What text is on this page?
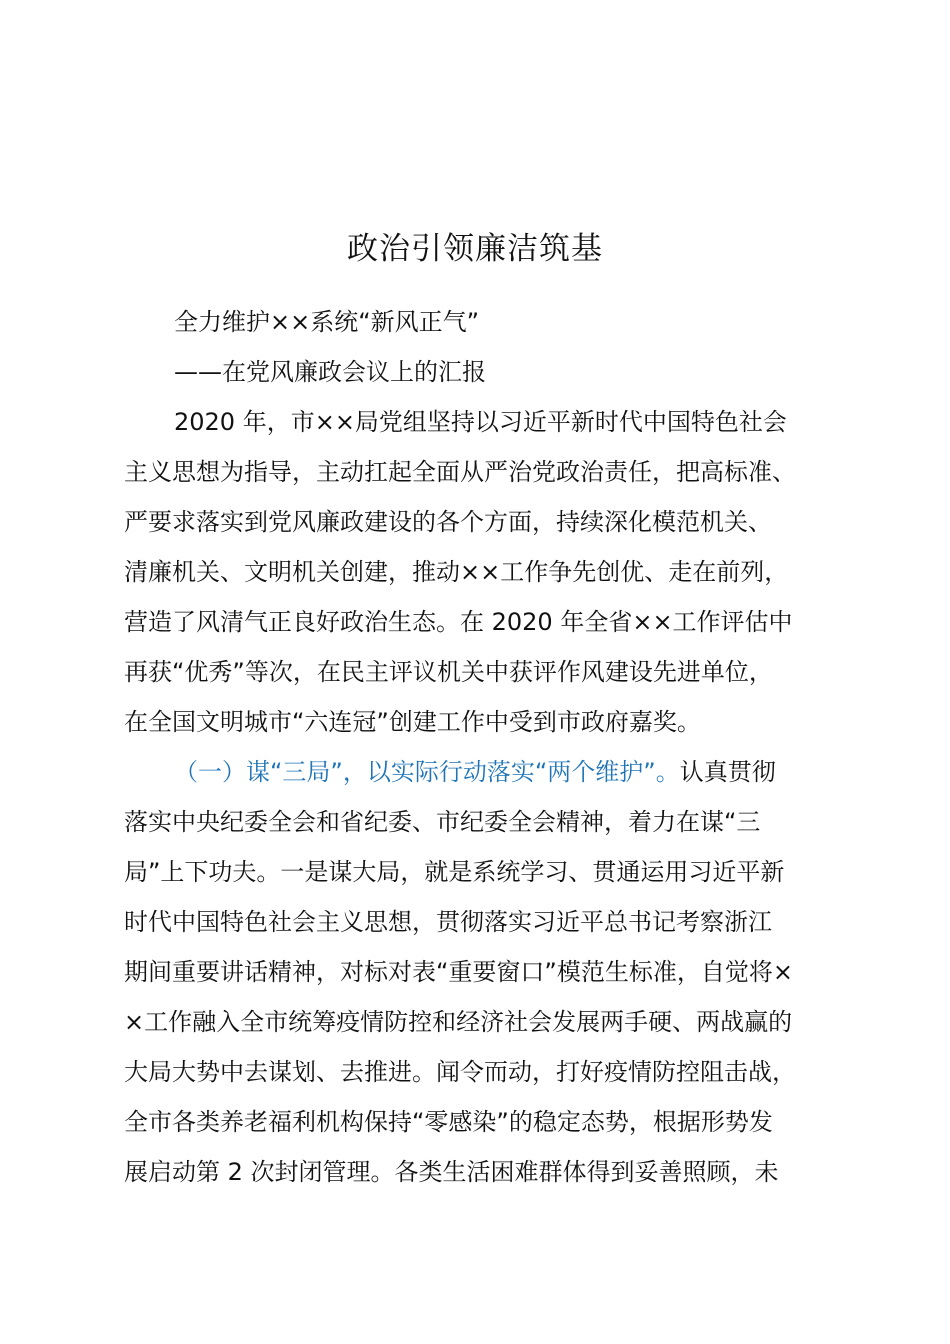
政治引领廉洁筑基

全力维护××系统“新风正气”

——在党风廉政会议上的汇报

2020 年，市××局党组坚持以习近平新时代中国特色社会

主义思想为指导，主动扛起全面从严治党政治责任，把高标准、

严要求落实到党风廉政建设的各个方面，持续深化模范机关、

清廉机关、文明机关创建，推动××工作争先创优、走在前列，

营造了风清气正良好政治生态。在 2020 年全省××工作评估中

再获“优秀”等次，在民主评议机关中获评作风建设先进单位，

在全国文明城市“六连冠”创建工作中受到市政府嘉奖。

（一）谋“三局”，以实际行动落实“两个维护”。认真贯彻

落实中央纪委全会和省纪委、市纪委全会精神，着力在谋“三

局”上下功夫。一是谋大局，就是系统学习、贯通运用习近平新

时代中国特色社会主义思想，贯彻落实习近平总书记考察浙江

期间重要讲话精神，对标对表“重要窗口”模范生标准，自觉将×

×工作融入全市统筹疫情防控和经济社会发展两手硬、两战赢的

大局大势中去谋划、去推进。闻令而动，打好疫情防控阻击战，

全市各类养老福利机构保持“零感染”的稳定态势，根据形势发

展启动第 2 次封闭管理。各类生活困难群体得到妥善照顾，未
